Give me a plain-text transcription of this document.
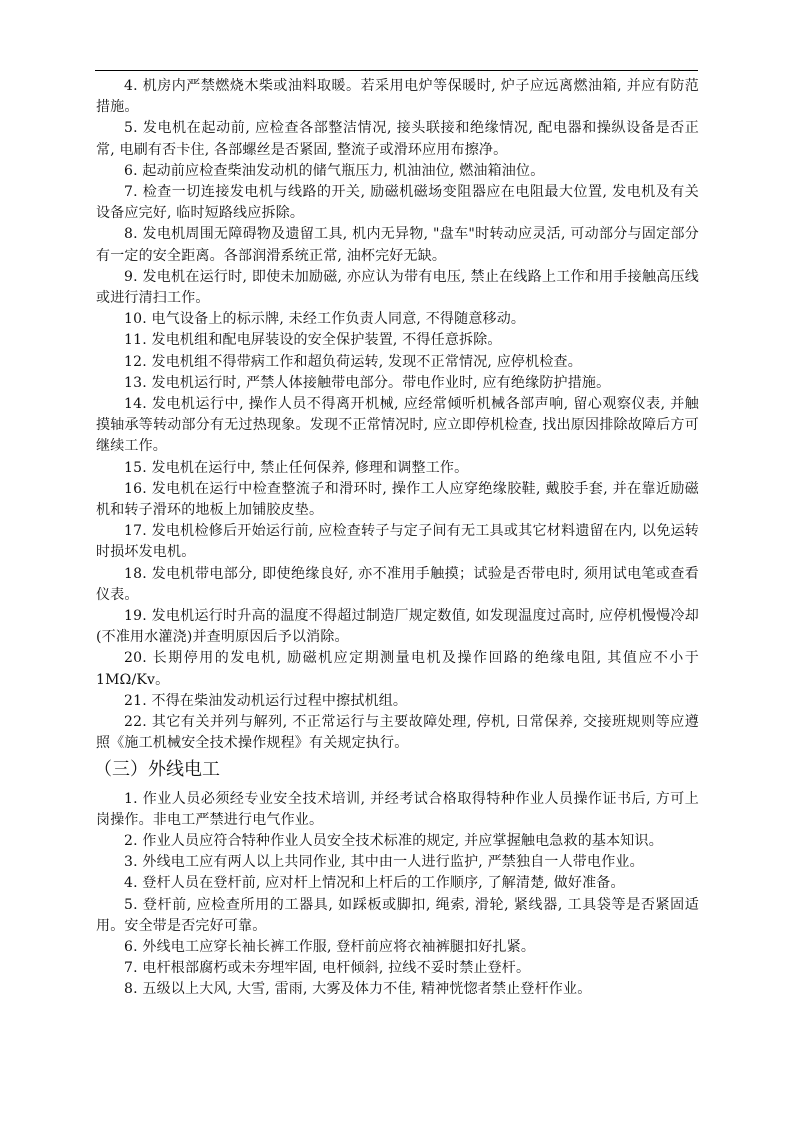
4. 机房内严禁燃烧木柴或油料取暖。若采用电炉等保暖时, 炉子应远离燃油箱, 并应有防范措施。

5. 发电机在起动前, 应检查各部整洁情况, 接头联接和绝缘情况, 配电器和操纵设备是否正常, 电刷有否卡住, 各部螺丝是否紧固, 整流子或滑环应用布擦净。

6. 起动前应检查柴油发动机的储气瓶压力, 机油油位, 燃油箱油位。

7. 检查一切连接发电机与线路的开关, 励磁机磁场变阻器应在电阻最大位置, 发电机及有关设备应完好, 临时短路线应拆除。

8. 发电机周围无障碍物及遗留工具, 机内无异物, "盘车"时转动应灵活, 可动部分与固定部分有一定的安全距离。各部润滑系统正常, 油杯完好无缺。

9. 发电机在运行时, 即使未加励磁, 亦应认为带有电压, 禁止在线路上工作和用手接触高压线或进行清扫工作。

10. 电气设备上的标示牌, 未经工作负责人同意, 不得随意移动。

11. 发电机组和配电屏装设的安全保护装置, 不得任意拆除。

12. 发电机组不得带病工作和超负荷运转, 发现不正常情况, 应停机检查。

13. 发电机运行时, 严禁人体接触带电部分。带电作业时, 应有绝缘防护措施。

14. 发电机运行中, 操作人员不得离开机械, 应经常倾听机械各部声响, 留心观察仪表, 并触摸轴承等转动部分有无过热现象。发现不正常情况时, 应立即停机检查, 找出原因排除故障后方可继续工作。

15. 发电机在运行中, 禁止任何保养, 修理和调整工作。

16. 发电机在运行中检查整流子和滑环时, 操作工人应穿绝缘胶鞋, 戴胶手套, 并在靠近励磁机和转子滑环的地板上加铺胶皮垫。

17. 发电机检修后开始运行前, 应检查转子与定子间有无工具或其它材料遗留在内, 以免运转时损坏发电机。

18. 发电机带电部分, 即使绝缘良好, 亦不准用手触摸；试验是否带电时, 须用试电笔或查看仪表。

19. 发电机运行时升高的温度不得超过制造厂规定数值, 如发现温度过高时, 应停机慢慢冷却(不准用水灌浇)并查明原因后予以消除。

20. 长期停用的发电机, 励磁机应定期测量电机及操作回路的绝缘电阻, 其值应不小于 1MΩ/Kv。

21. 不得在柴油发动机运行过程中擦拭机组。

22. 其它有关并列与解列, 不正常运行与主要故障处理, 停机, 日常保养, 交接班规则等应遵照《施工机械安全技术操作规程》有关规定执行。

（三）外线电工

1. 作业人员必须经专业安全技术培训, 并经考试合格取得特种作业人员操作证书后, 方可上岗操作。非电工严禁进行电气作业。

2. 作业人员应符合特种作业人员安全技术标准的规定, 并应掌握触电急救的基本知识。

3. 外线电工应有两人以上共同作业, 其中由一人进行监护, 严禁独自一人带电作业。

4. 登杆人员在登杆前, 应对杆上情况和上杆后的工作顺序, 了解清楚, 做好准备。

5. 登杆前, 应检查所用的工器具, 如踩板或脚扣, 绳索, 滑轮, 紧线器, 工具袋等是否紧固适用。安全带是否完好可靠。

6. 外线电工应穿长袖长裤工作服, 登杆前应将衣袖裤腿扣好扎紧。

7. 电杆根部腐朽或未夯埋牢固, 电杆倾斜, 拉线不妥时禁止登杆。

8. 五级以上大风, 大雪, 雷雨, 大雾及体力不佳, 精神恍惚者禁止登杆作业。
